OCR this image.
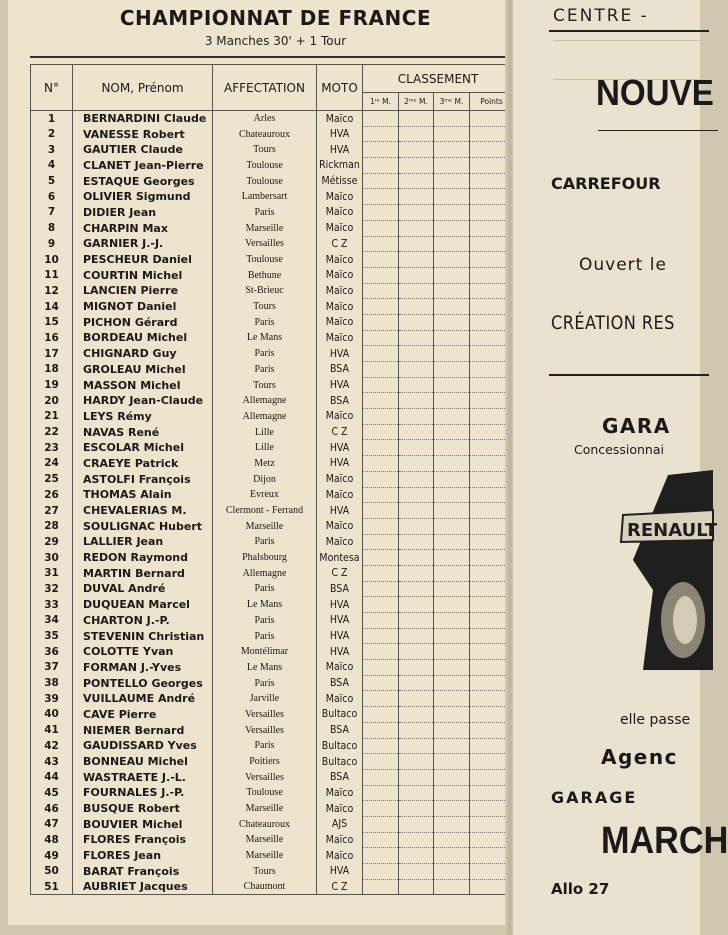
CHAMPIONNAT DE FRANCE
3 Manches 30' + 1 Tour
N°	NOM, Prénom	AFFECTATION	MOTO	CLASSEMENT			
				1ʳᵉ M.	2ᵐᵉ M.	3ᵐᵉ M.	Points
1	BERNARDINI Claude	Arles	Maïco				
2	VANESSE Robert	Chateauroux	HVA				
3	GAUTIER Claude	Tours	HVA				
4	CLANET Jean-Pierre	Toulouse	Rickman				
5	ESTAQUE Georges	Toulouse	Métisse				
6	OLIVIER Sigmund	Lambersart	Maïco				
7	DIDIER Jean	Paris	Maïco				
8	CHARPIN Max	Marseille	Maïco				
9	GARNIER J.-J.	Versailles	C Z				
10	PESCHEUR Daniel	Toulouse	Maïco				
11	COURTIN Michel	Bethune	Maïco				
12	LANCIEN Pierre	St-Brieuc	Maïco				
14	MIGNOT Daniel	Tours	Maïco				
15	PICHON Gérard	Paris	Maïco				
16	BORDEAU Michel	Le Mans	Maïco				
17	CHIGNARD Guy	Paris	HVA				
18	GROLEAU Michel	Paris	BSA				
19	MASSON Michel	Tours	HVA				
20	HARDY Jean-Claude	Allemagne	BSA				
21	LEYS Rémy	Allemagne	Maïco				
22	NAVAS René	Lille	C Z				
23	ESCOLAR Michel	Lille	HVA				
24	CRAEYE Patrick	Metz	HVA				
25	ASTOLFI François	Dijon	Maïco				
26	THOMAS Alain	Evreux	Maïco				
27	CHEVALERIAS M.	Clermont - Ferrand	HVA				
28	SOULIGNAC Hubert	Marseille	Maïco				
29	LALLIER Jean	Paris	Maïco				
30	REDON Raymond	Phalsbourg	Montesa				
31	MARTIN Bernard	Allemagne	C Z				
32	DUVAL André	Paris	BSA				
33	DUQUEAN Marcel	Le Mans	HVA				
34	CHARTON J.-P.	Paris	HVA				
35	STEVENIN Christian	Paris	HVA				
36	COLOTTE Yvan	Montélimar	HVA				
37	FORMAN J.-Yves	Le Mans	Maïco				
38	PONTELLO Georges	Paris	BSA				
39	VUILLAUME André	Jarville	Maïco				
40	CAVE Pierre	Versailles	Bultaco				
41	NIEMER Bernard	Versailles	BSA				
42	GAUDISSARD Yves	Paris	Bultaco				
43	BONNEAU Michel	Poitiers	Bultaco				
44	WASTRAETE J.-L.	Versailles	BSA				
45	FOURNALES J.-P.	Toulouse	Maïco				
46	BUSQUE Robert	Marseille	Maïco				
47	BOUVIER Michel	Chateauroux	AJS				
48	FLORES François	Marseille	Maïco				
49	FLORES Jean	Marseille	Maïco				
50	BARAT François	Tours	HVA				
51	AUBRIET Jacques	Chaumont	C Z				
CENTRE -
NOUVE
CARREFOUR
Ouvert le
CRÉATION RES
GARA
Concessionnai
RENAULT
elle passe
Agenc
GARAGE
MARCH
Allo 27
